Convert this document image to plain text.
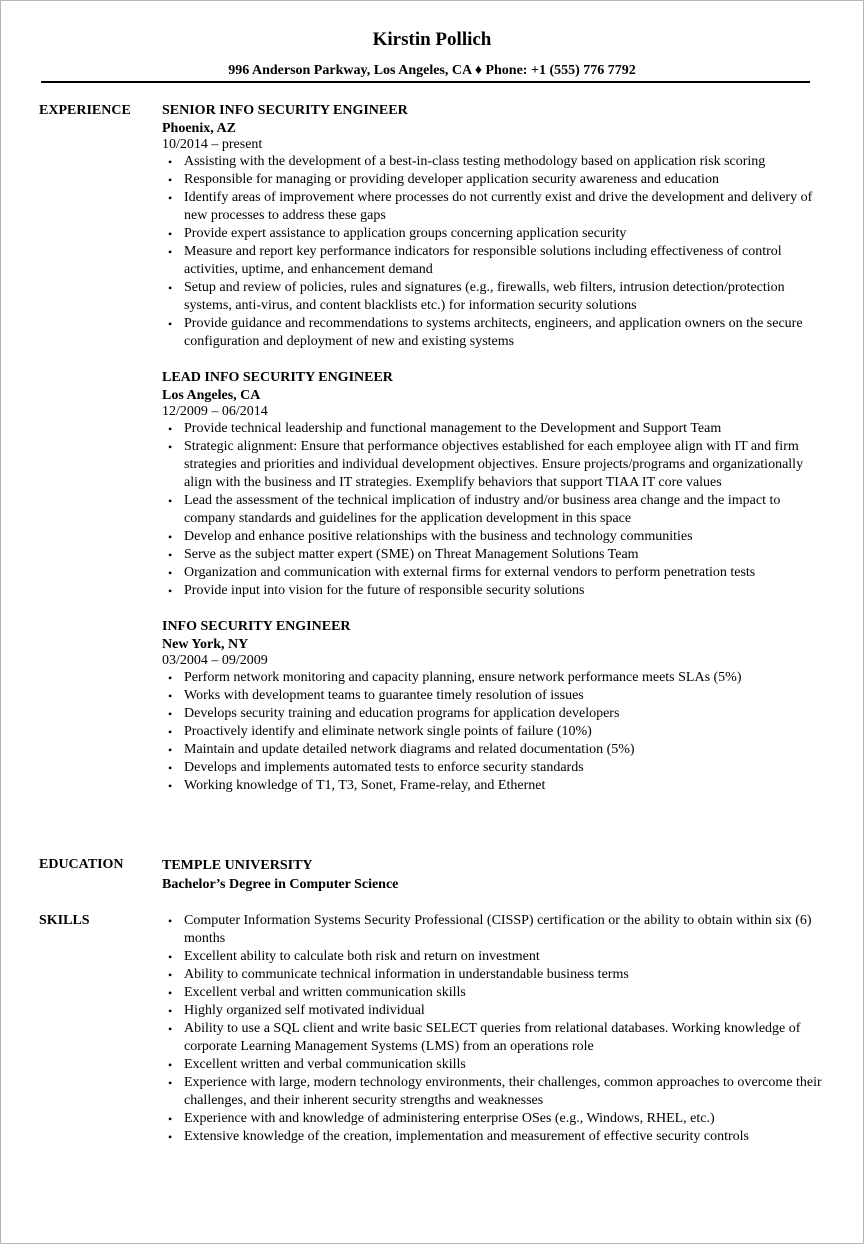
Kirstin Pollich
996 Anderson Parkway, Los Angeles, CA ♦ Phone: +1 (555) 776 7792
EXPERIENCE SENIOR INFO SECURITY ENGINEER
Phoenix, AZ
10/2014 – present
• Assisting with the development of a best-in-class testing methodology based on application risk scoring
• Responsible for managing or providing developer application security awareness and education
• Identify areas of improvement where processes do not currently exist and drive the development and delivery of new processes to address these gaps
• Provide expert assistance to application groups concerning application security
• Measure and report key performance indicators for responsible solutions including effectiveness of control activities, uptime, and enhancement demand
• Setup and review of policies, rules and signatures (e.g., firewalls, web filters, intrusion detection/protection systems, anti-virus, and content blacklists etc.) for information security solutions
• Provide guidance and recommendations to systems architects, engineers, and application owners on the secure configuration and deployment of new and existing systems
LEAD INFO SECURITY ENGINEER
Los Angeles, CA
12/2009 – 06/2014
• Provide technical leadership and functional management to the Development and Support Team
• Strategic alignment: Ensure that performance objectives established for each employee align with IT and firm strategies and priorities and individual development objectives. Ensure projects/programs and organizationally align with the business and IT strategies. Exemplify behaviors that support TIAA IT core values
• Lead the assessment of the technical implication of industry and/or business area change and the impact to company standards and guidelines for the application development in this space
• Develop and enhance positive relationships with the business and technology communities
• Serve as the subject matter expert (SME) on Threat Management Solutions Team
• Organization and communication with external firms for external vendors to perform penetration tests
• Provide input into vision for the future of responsible security solutions
INFO SECURITY ENGINEER
New York, NY
03/2004 – 09/2009
• Perform network monitoring and capacity planning, ensure network performance meets SLAs (5%)
• Works with development teams to guarantee timely resolution of issues
• Develops security training and education programs for application developers
• Proactively identify and eliminate network single points of failure (10%)
• Maintain and update detailed network diagrams and related documentation (5%)
• Develops and implements automated tests to enforce security standards
• Working knowledge of T1, T3, Sonet, Frame-relay, and Ethernet
EDUCATION	TEMPLE UNIVERSITY
Bachelor’s Degree in Computer Science
SKILLS
•	Computer Information Systems Security Professional (CISSP) certification or the ability to obtain within six (6) months
• Excellent ability to calculate both risk and return on investment
• Ability to communicate technical information in understandable business terms
• Excellent verbal and written communication skills
• Highly organized self motivated individual
• Ability to use a SQL client and write basic SELECT queries from relational databases. Working knowledge of corporate Learning Management Systems (LMS) from an operations role
• Excellent written and verbal communication skills
• Experience with large, modern technology environments, their challenges, common approaches to overcome their challenges, and their inherent security strengths and weaknesses
• Experience with and knowledge of administering enterprise OSes (e.g., Windows, RHEL, etc.)
• Extensive knowledge of the creation, implementation and measurement of effective security controls
